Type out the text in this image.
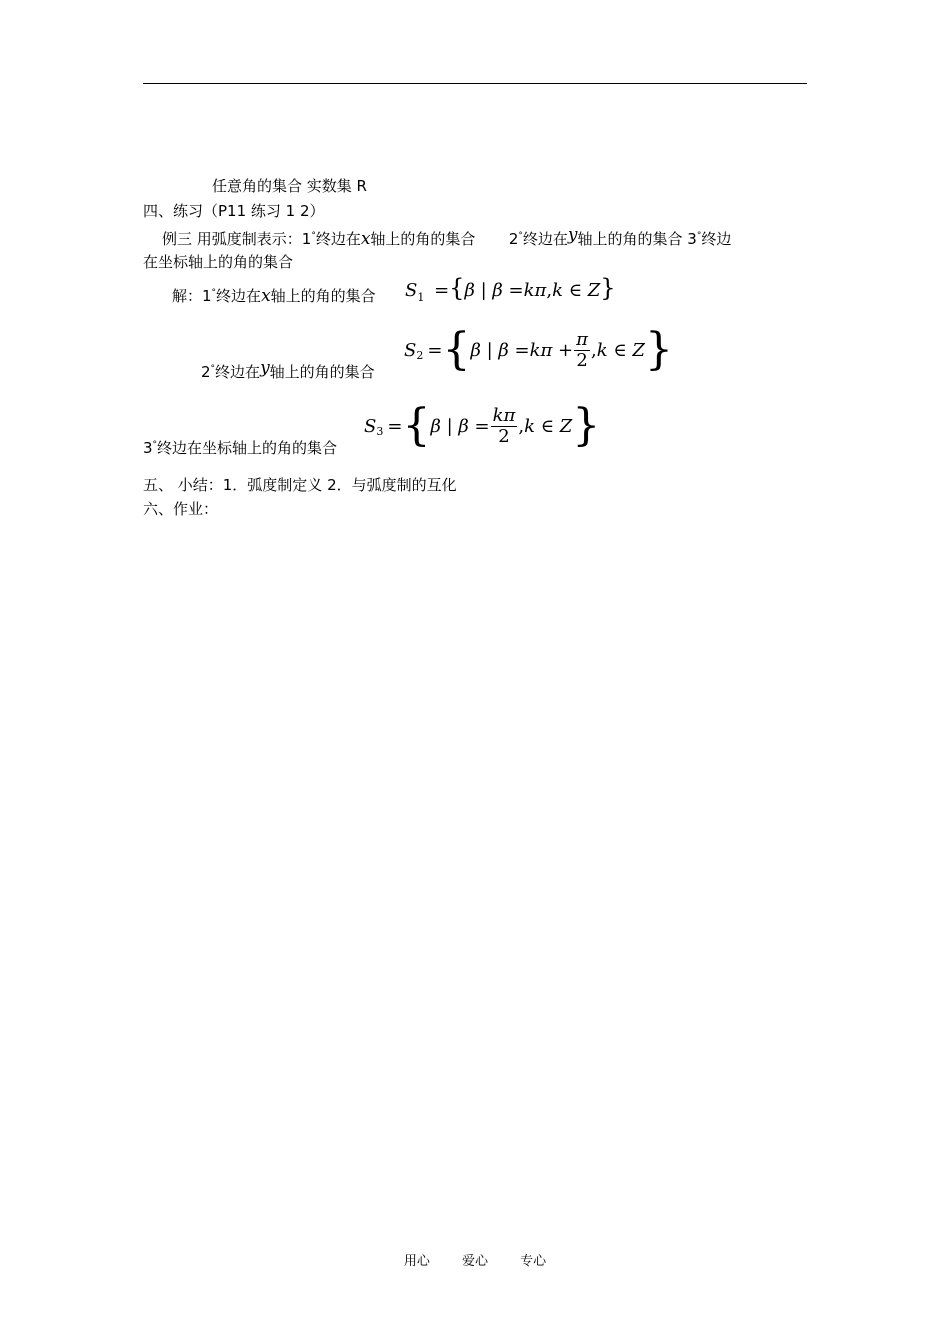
任意角的集合 实数集 R
四、练习（P11 练习 1 2）
例三 用弧度制表示：1°终边在x轴上的角的集合 2°终边在y轴上的角的集合 3°终边
在坐标轴上的角的集合
解：1°终边在x轴上的角的集合 $S_1 =\{\beta$ | β =kπ,k ∈ Z}
2°终边在y轴上的角的集合
S 2 = { β | $\beta = k\pi + \frac{\pi}{2}$ , k ∈ Z }
3°终边在坐标轴上的角的集合
S 3 = { β | $\beta = \frac{k\pi}{2}$ , k ∈ Z }
五、 小结：1．弧度制定义 2．与弧度制的互化
六、作业：
用心 爱心 专心
